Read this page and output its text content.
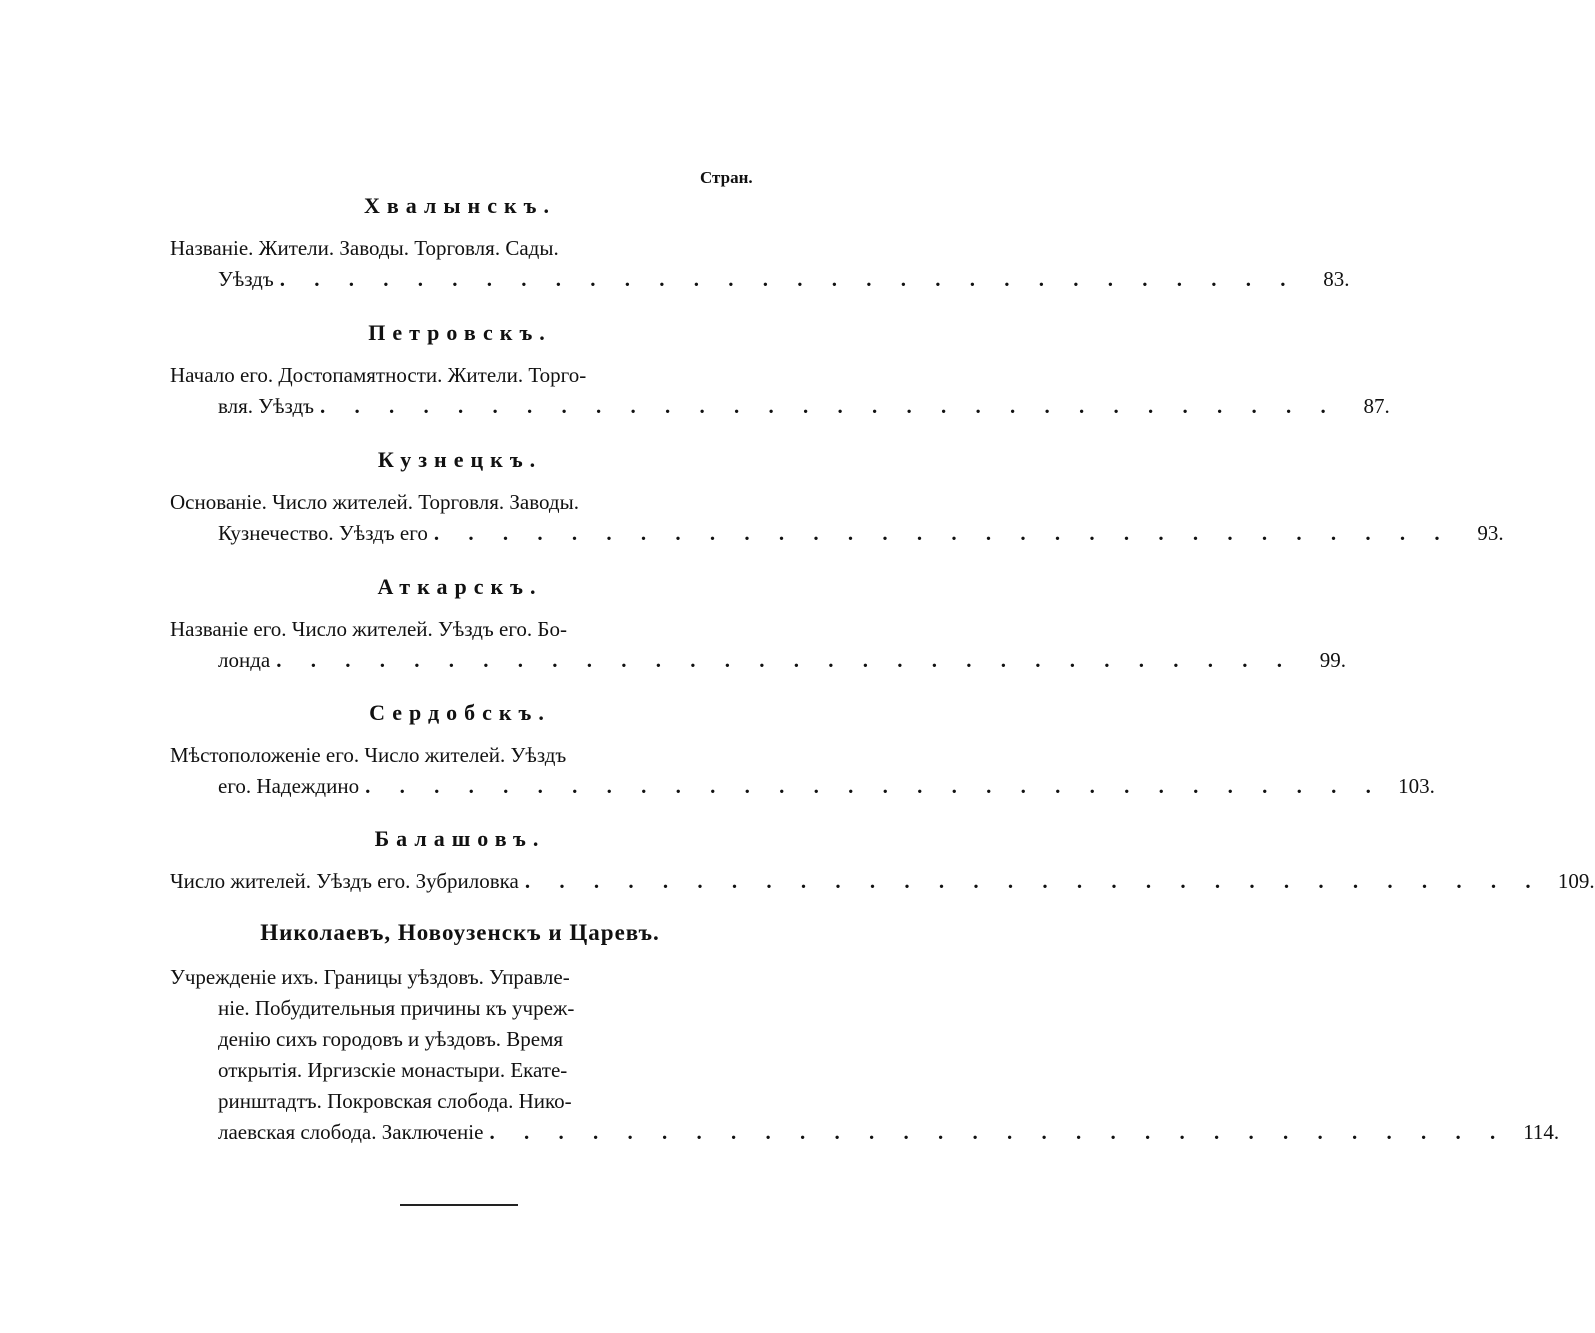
Стран.
Хвалынскъ.
Названіе. Жители. Заводы. Торговля. Сады.
Уѣздъ . . . . . . . . . . . . . . . . . . . . . . . . . . . . . .	83.
Петровскъ.
Начало его. Достопамятности. Жители. Торго-
вля. Уѣздъ . . . . . . . . . . . . . . . . . . . . . . . . . . . . . .	87.
Кузнецкъ.
Основаніе. Число жителей. Торговля. Заводы.
Кузнечество. Уѣздъ его . . . . . . . . . . . . . . . . . . . . . . . . . . . . . .	93.
Аткарскъ.
Названіе его. Число жителей. Уѣздъ его. Бо-
лонда . . . . . . . . . . . . . . . . . . . . . . . . . . . . . .	99.
Сердобскъ.
Мѣстоположеніе его. Число жителей. Уѣздъ
его. Надеждино . . . . . . . . . . . . . . . . . . . . . . . . . . . . . . 103.
Балашовъ.
Число жителей. Уѣздъ его. Зубриловка . . . . . . . . . . . . . . . . . . . . . . . . . . . . . . 109.
Николаевъ, Новоузенскъ и Царевъ.
Учрежденіе ихъ. Границы уѣздовъ. Управле-
ніе. Побудительныя причины къ учреж-
денію сихъ городовъ и уѣздовъ. Время
открытія. Иргизскіе монастыри. Екате-
ринштадтъ. Покровская слобода. Нико-
лаевская слобода. Заключеніе . . . . . . . . . . . . . . . . . . . . . . . . . . . . . . 114.
